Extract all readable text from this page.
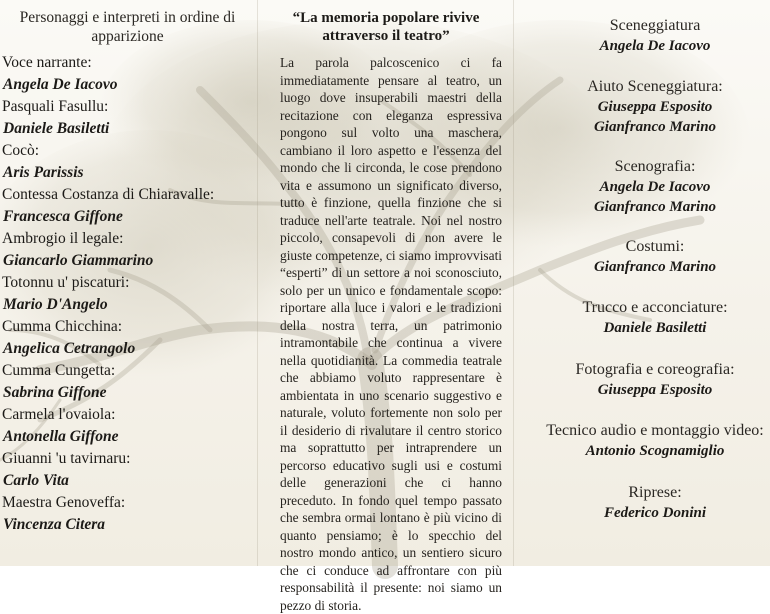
Personaggi e interpreti in ordine di apparizione
Voce narrante:
Angela De Iacovo
Pasquali Fasullu:
Daniele Basiletti
Cocò:
Aris Parissis
Contessa Costanza di Chiaravalle:
Francesca Giffone
Ambrogio il legale:
Giancarlo Giammarino
Totonnu u' piscaturi:
Mario D'Angelo
Cumma Chicchina:
Angelica Cetrangolo
Cumma Cungetta:
Sabrina Giffone
Carmela l'ovaiola:
Antonella Giffone
Giuanni 'u tavirnaru:
Carlo Vita
Maestra Genoveffa:
Vincenza Citera
“La memoria popolare rivive
attraverso il teatro”
La parola palcoscenico ci fa immediatamente pensare al teatro, un luogo dove insuperabili maestri della recitazione con eleganza espressiva pongono sul volto una maschera, cambiano il loro aspetto e l'essenza del mondo che li circonda, le cose prendono vita e assumono un significato diverso, tutto è finzione, quella finzione che si traduce nell'arte teatrale. Noi nel nostro piccolo, consapevoli di non avere le giuste competenze, ci siamo improvvisati “esperti” di un settore a noi sconosciuto, solo per un unico e fondamentale scopo: riportare alla luce i valori e le tradizioni della nostra terra, un patrimonio intramontabile che continua a vivere nella quotidianità. La commedia teatrale che abbiamo voluto rappresentare è ambientata in uno scenario suggestivo e naturale, voluto fortemente non solo per il desiderio di rivalutare il centro storico ma soprattutto per intraprendere un percorso educativo sugli usi e costumi delle generazioni che ci hanno preceduto. In fondo quel tempo passato che sembra ormai lontano è più vicino di quanto pensiamo; è lo specchio del nostro mondo antico, un sentiero sicuro che ci conduce ad affrontare con più responsabilità il presente: noi siamo un pezzo di storia.
Sceneggiatura
Angela De Iacovo
Aiuto Sceneggiatura:
Giuseppa Esposito
Gianfranco Marino
Scenografia:
Angela De Iacovo
Gianfranco Marino
Costumi:
Gianfranco Marino
Trucco e acconciature:
Daniele Basiletti
Fotografia e coreografia:
Giuseppa Esposito
Tecnico audio e montaggio video:
Antonio Scognamiglio
Riprese:
Federico Donini
